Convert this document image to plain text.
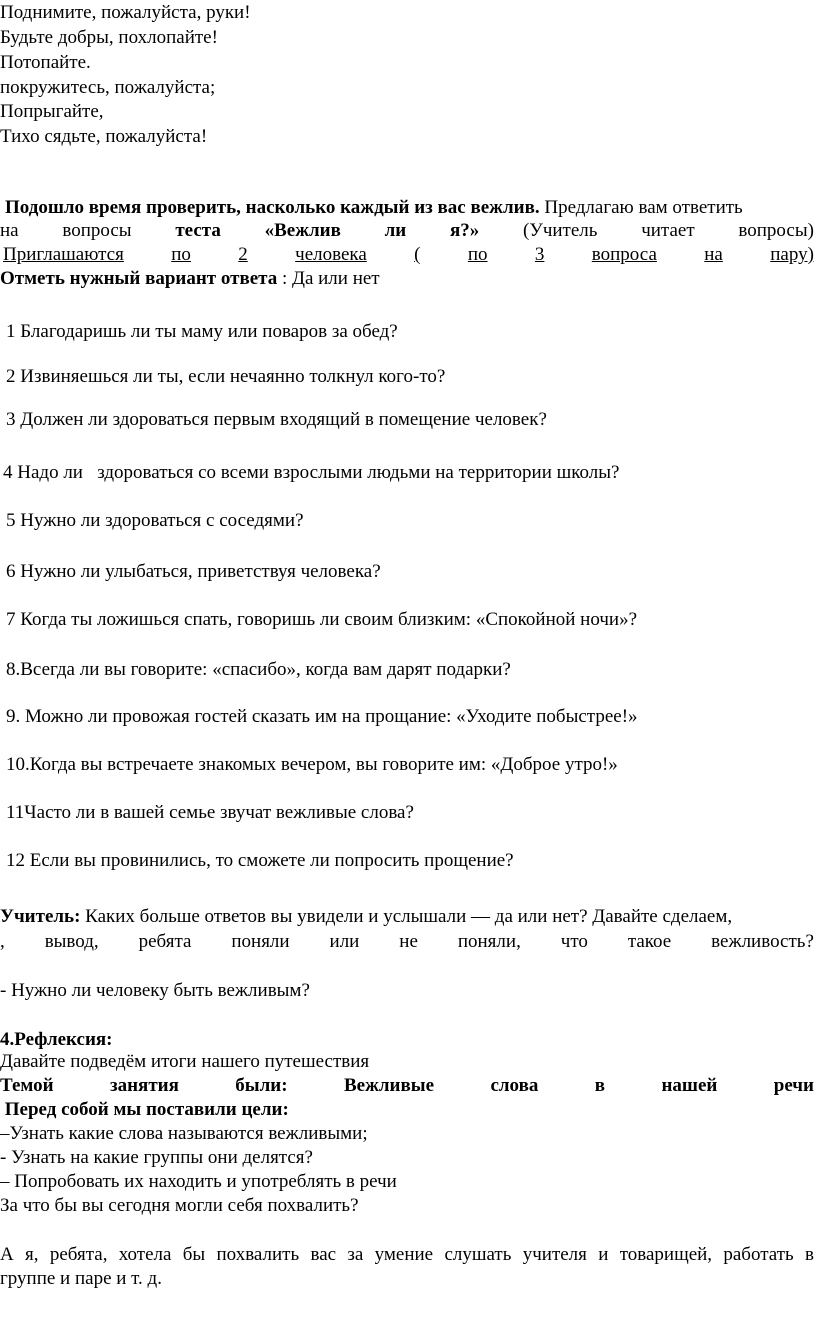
Поднимите, пожалуйста, руки!
Будьте добры, похлопайте!
Потопайте.
покружитесь, пожалуйста;
Попрыгайте,
Тихо сядьте, пожалуйста!
Подошло время проверить, насколько каждый из вас вежлив. Предлагаю вам ответить
на вопросы теста «Вежлив ли я?» (Учитель читает вопросы)
Приглашаются по 2 человека ( по 3 вопроса на пару)
Отметь нужный вариант ответа : Да или нет
1 Благодаришь ли ты маму или поваров за обед?
2 Извиняешься ли ты, если нечаянно толкнул кого-то?
3 Должен ли здороваться первым входящий в помещение человек?
4 Надо ли   здороваться со всеми взрослыми людьми на территории школы?
5 Нужно ли здороваться с соседями?
6 Нужно ли улыбаться, приветствуя человека?
7 Когда ты ложишься спать, говоришь ли своим близким: «Спокойной ночи»?
8.Всегда ли вы говорите: «спасибо», когда вам дарят подарки?
9. Можно ли провожая гостей сказать им на прощание: «Уходите побыстрее!»
10.Когда вы встречаете знакомых вечером, вы говорите им: «Доброе утро!»
11Часто ли в вашей семье звучат вежливые слова?
12 Если вы провинились, то сможете ли попросить прощение?
Учитель: Каких больше ответов вы увидели и услышали — да или нет? Давайте сделаем,
, вывод, ребята поняли или не поняли, что такое вежливость?
- Нужно ли человеку быть вежливым?
4.Рефлексия:
Давайте подведём итоги нашего путешествия
Темой	занятия	были:	Вежливые	слова	в	нашей	речи
Перед собой мы поставили цели:
–Узнать какие слова называются вежливыми;
- Узнать на какие группы они делятся?
– Попробовать их находить и употреблять в речи
За что бы вы сегодня могли себя похвалить?
А я, ребята, хотела бы похвалить вас за умение слушать учителя и товарищей, работать в
группе и паре и т. д.
